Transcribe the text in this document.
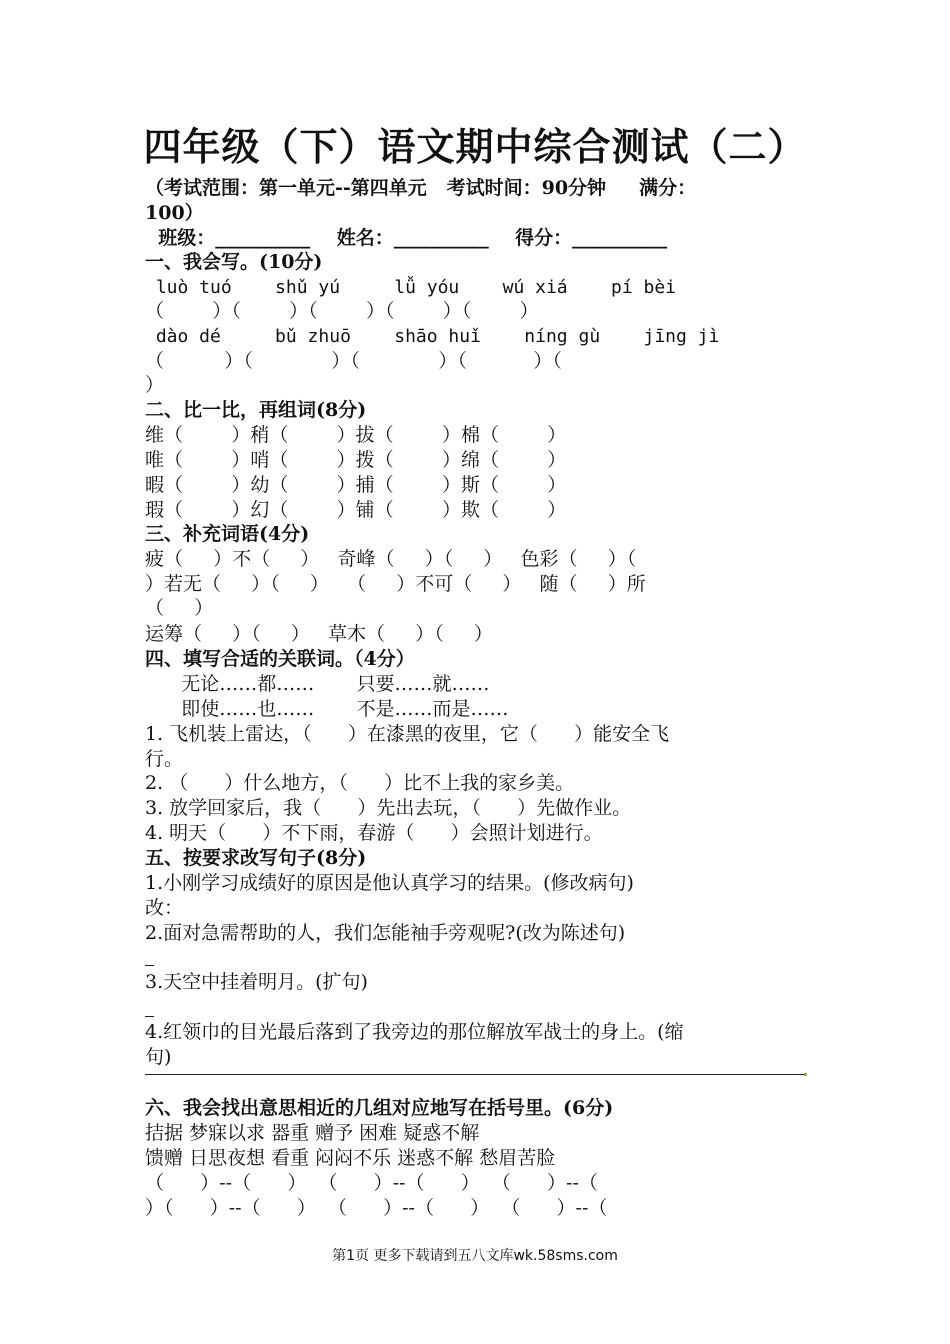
四年级（下）语文期中综合测试（二）
（考试范围：第一单元--第四单元   考试时间：90分钟     满分：
100）
班级：__________    姓名：__________    得分：__________
一、我会写。(10分)
luò tuó    shǔ yú     lǚ yóu    wú xiá    pí bèi
（        ）（        ）（        ）（        ）（        ）
dào dé     bǔ zhuō    shāo huǐ    níng gù    jīng jì
（          ）（             ）（             ）（           ）（
）
二、比一比，再组词(8分)
维（        ）稍（        ）拔（        ）棉（        ）
唯（        ）哨（        ）拨（        ）绵（        ）
暇（        ）幼（        ）捕（        ）斯（        ）
瑕（        ）幻（        ）铺（        ）欺（        ）
三、补充词语(4分)
疲（     ）不（     ）   奇峰（     ）（     ）   色彩（     ）（
）若无（     ）（     ）   （     ）不可（     ）   随（     ）所
（     ）
运筹（     ）（     ）   草木（     ）（     ）
四、填写合适的关联词。（4分）
无论……都……       只要……就……
即使……也……       不是……而是……
1. 飞机装上雷达，（      ）在漆黑的夜里，它（      ）能安全飞
行。
2. （      ）什么地方，（      ）比不上我的家乡美。
3. 放学回家后，我（      ）先出去玩，（      ）先做作业。
4. 明天（      ）不下雨，春游（      ）会照计划进行。
五、按要求改写句子(8分)
1.小刚学习成绩好的原因是他认真学习的结果。(修改病句)
改：
2.面对急需帮助的人，我们怎能袖手旁观呢?(改为陈述句)
3.天空中挂着明月。(扩句)
4.红领巾的目光最后落到了我旁边的那位解放军战士的身上。(缩
句)
六、我会找出意思相近的几组对应地写在括号里。(6分)
拮据 梦寐以求 器重 赠予 困难 疑惑不解
馈赠 日思夜想 看重 闷闷不乐 迷惑不解 愁眉苦脸
（      ）--（      ）  （      ）--（      ）  （      ）--（
）（      ）--（      ）  （      ）--（      ）  （      ）--（
第1页 更多下载请到五八文库wk.58sms.com
